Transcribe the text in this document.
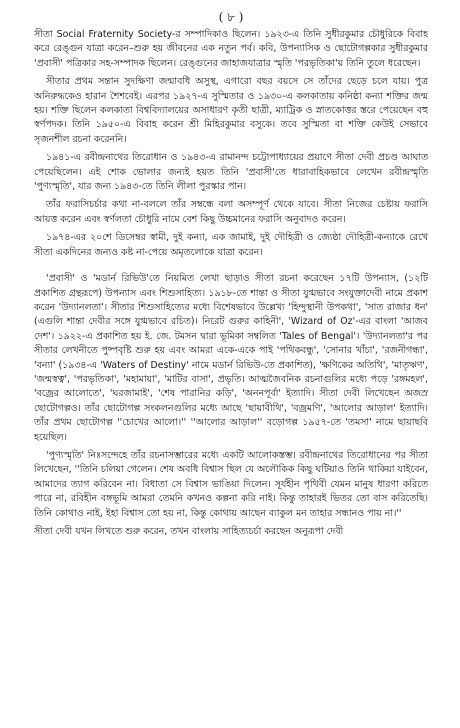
( ৮ )

সীতা Social Fraternity Society-র সম্পাদিকাও ছিলেন। ১৯২৩-এ তিনি সুধীরকুমার চৌধুরিকে বিবাহ করে রেঙ্গুন যাত্রা করেন–শুরু হয় জীবনের এক নতুন পর্ব। কবি, উপন্যাসিক ও ছোটোগল্পকার সুধীরকুমার 'প্রবাসী' পত্রিকার সহ-সম্পাদক ছিলেন। রেঙ্গুনের জাহাজযাত্রার স্মৃতি 'পরভৃতিকা'য় তিনি তুলে ধরেছেন।

সীতার প্রথম সন্তান সুদক্ষিণা জন্মাবধি অসুস্থ, এগারো বছর বয়সে সে তাঁদের ছেড়ে চলে যায়। পুত্র অনিরুদ্ধকেও হারান শৈশবেই। এরপর ১৯২৭-এ সুস্মিতার ও ১৯৩০-এ কলকাতায় কনিষ্ঠা কন্যা শক্তির জন্ম হয়। শক্তি ছিলেন কলকাতা বিশ্ববিদ্যালয়ের অসাধারণ কৃতী ছাত্রী, ম্যাট্রিক ও স্নাতকোত্তর স্তরে পেয়েছেন বহু স্বর্ণপদক। তিনি ১৯৫০-এ বিবাহ করেন শ্রী মিহিরকুমার বসুকে। তবে সুস্মিতা বা শক্তি কেউই সেভাবে সৃজনশীল রচনা করেননি।

১৯৪১-এ রবীন্দ্রনাথের তিরোধান ও ১৯৪৩-এ রামানন্দ চট্টোপাধ্যায়ের প্রয়াণে সীতা দেবী প্রচণ্ড আঘাত পেয়েছিলেন। এই শোক ভোলার জন্যই হয়ত তিনি 'প্রবাসী'তে ধারাবাহিকভাবে লেখেন রবীন্দ্রস্মৃতি 'পুণ্যস্মৃতি', যার জন্য ১৯৪৩-তে তিনি লীলা পুরস্কার পান।

তাঁর ফরাসিচর্চার কথা না-বললে তাঁর সম্বন্ধে বলা অসম্পূর্ণ থেকে যাবে। সীতা নিজের চেষ্টায় ফরাসি আয়ত্ত করেন এবং স্বর্ণলতা চৌধুরি নামে বেশ কিছু উচ্চমানের ফরাসি অনুবাদও করেন।

১৯৭৪-এর ২০শে ডিসেম্বর স্বামী, দুই কন্যা, এক জামাই, দুই দৌহিত্রী ও জ্যেষ্ঠা দৌহিত্রী-কন্যাকে রেখে সীতা একদিনের জন্যও কষ্ট না-পেয়ে অমৃতলোকে যাত্রা করেন।

'প্রবাসী' ও 'মডার্ন রিভিউ'তে নিয়মিত লেখা ছাড়াও সীতা রচনা করেছেন ১৭টি উপন্যাস, (১২টি প্রকাশিত গ্রন্থরূপে) উপন্যাস এবং শিশুসাহিত্য। ১৯১৮-তে শান্তা ও সীতা যুগ্মভাবে সংযুক্তাদেবী নামে প্রকাশ করেন 'উদ্যানলতা'। সীতার শিশুসাহিত্যের মধ্যে বিশেষভাবে উল্লেখ্য 'হিন্দুস্থানী উপকথা', 'সাত রাজার ধন' (এগুলি শান্তা দেবীর সঙ্গে যুগ্মভাবে রচিত)। নিরেট গুরুর কাহিনী', 'Wizard of Oz'-এর বাংলা 'আজব দেশ'। ১৯২২-এ প্রকাশিত হয় ই. জে. টমসন দ্বারা ভূমিকা সম্বলিত 'Tales of Bengal'। 'উদ্যানলতা'র পর সীতার লেখনীতে পুষ্পবৃষ্টি শুরু হয় এবং আমরা একে-একে পাই 'পথিকবন্ধু', 'সোনার খাঁচা', 'রজনীগন্ধা', 'বন্যা' (১৯৩৪-এ 'Waters of Destiny' নামে মডার্ন রিভিউ-তে প্রকাশিত), 'ক্ষণিকের অতিথি', 'মাতৃঋণ', 'জন্মস্বত্ব', 'পরভৃতিকা', 'মহামায়া', 'মাটির বাসা', প্রভৃতি। আত্মজৈবনিক রচনাগুলির মধ্যে পড়ে 'রঙ্গমহল', 'বজ্রের আলোতে', 'ঘরজামাই', 'শেষ পারানির কড়ি', 'অননপূর্বা' ইত্যাদি। সীতা দেবী লিখেছেন অজস্র ছোটোগল্পও। তাঁর ছোটোগল্প সংকলনগুলির মধ্যে আছে 'ছায়াবীথি', 'বজ্রমণি', 'আলোর আড়াল' ইত্যাদি। তাঁর প্রথম ছোটোগল্প ''চোখের আলো।'' ''আলোর আড়াল'' বড়োগল্প ১৯৫৭-তে 'তমসা' নামে ছায়াছবি হয়েছিল।

'পুণ্যস্মৃতি' নিঃসন্দেহে তাঁর রচনাসম্ভারের মধ্যে একটি আলোকস্তম্ভ। রবীন্দ্রনাথের তিরোধানের পর সীতা লিখেছেন, ''তিনি চলিয়া গেলেন। শেষ অবধি বিশ্বাস ছিল যে অলৌকিক কিছু ঘটিয়াও তিনি থাকিয়া যাইবেন, আমাদের ত্যাগ করিবেন না। বিধাতা সে বিশ্বাস ভাঙিয়া দিলেন। সূর্যহীন পৃথিবী যেমন মানুষ ধারণা করিতে পারে না, রবিহীন বঙ্গভূমি আমরা তেমনি কখনও কল্পনা করি নাই। কিন্তু তাহারই ভিতর তো বাস করিতেছি। তিনি কোথাও নাই, ইহা বিশ্বাস তো হয় না, কিন্তু কোথায় আছেন ব্যাকুল মন তাহার সন্ধানও পায় না।''

সীতা দেবী যখন লিখতে শুরু করেন, তখন বাংলায় সাহিত্যচর্চা করছেন অনুরূপা দেবী
